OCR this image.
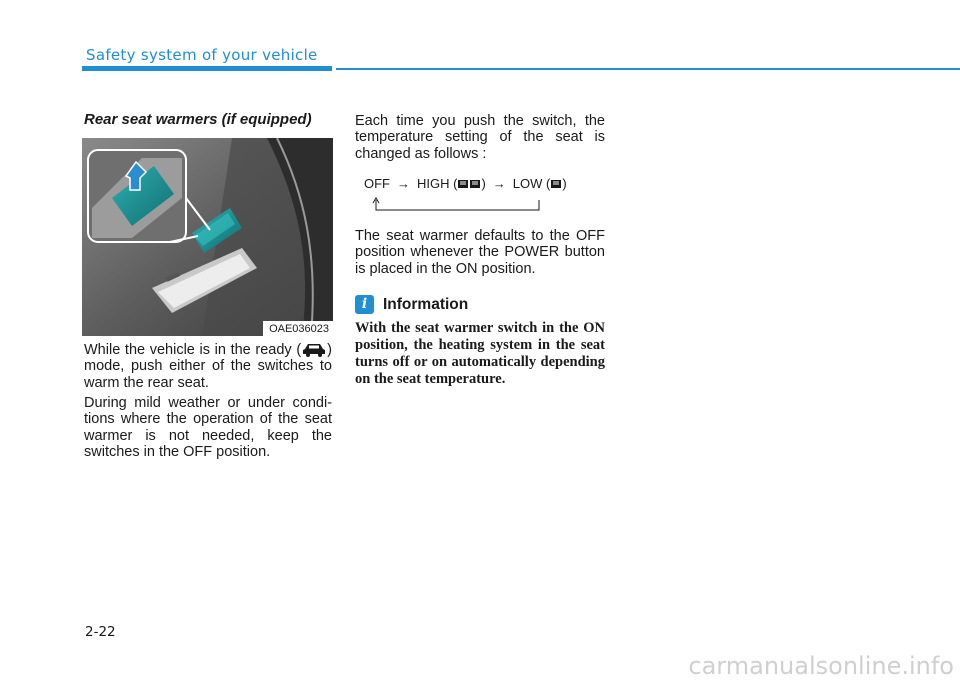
Safety system of your vehicle
Rear seat warmers (if equipped)
OAE036023

While the vehicle is in the ready ( ) mode, push either of the switches to warm the rear seat.

During mild weather or under condi-tions where the operation of the seat warmer is not needed, keep the switches in the OFF position.

Each time you push the switch, the temperature setting of the seat is changed as follows :

OFF → HIGH ( ) → LOW ( )

The seat warmer defaults to the OFF position whenever the POWER button is placed in the ON position.

i	Information

With the seat warmer switch in the ON position, the heating system in the seat turns off or on automatically depending on the seat temperature.

2-22
carmanualsonline.info
